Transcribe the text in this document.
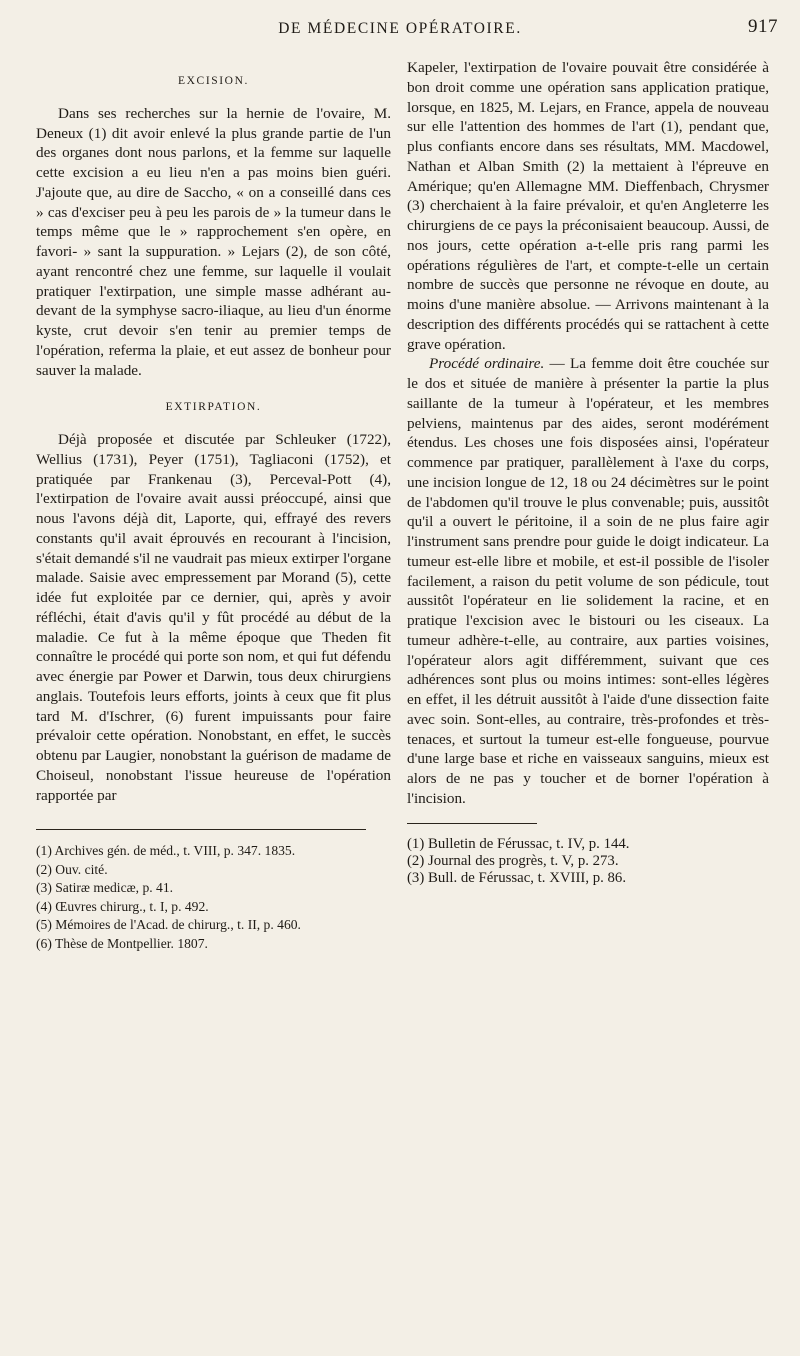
DE MÉDECINE OPÉRATOIRE.	917
EXCISION.

Dans ses recherches sur la hernie de l'ovaire, M. Deneux (1) dit avoir enlevé la plus grande partie de l'un des organes dont nous parlons, et la femme sur laquelle cette excision a eu lieu n'en a pas moins bien guéri. J'ajoute que, au dire de Saccho, « on a conseillé dans ces » cas d'exciser peu à peu les parois de » la tumeur dans le temps même que le » rapprochement s'en opère, en favori- » sant la suppuration. » Lejars (2), de son côté, ayant rencontré chez une femme, sur laquelle il voulait pratiquer l'extirpation, une simple masse adhérant au-devant de la symphyse sacro-iliaque, au lieu d'un énorme kyste, crut devoir s'en tenir au premier temps de l'opération, referma la plaie, et eut assez de bonheur pour sauver la malade.

EXTIRPATION.

Déjà proposée et discutée par Schleuker (1722), Wellius (1731), Peyer (1751), Tagliaconi (1752), et pratiquée par Frankenau (3), Perceval-Pott (4), l'extirpation de l'ovaire avait aussi préoccupé, ainsi que nous l'avons déjà dit, Laporte, qui, effrayé des revers constants qu'il avait éprouvés en recourant à l'incision, s'était demandé s'il ne vaudrait pas mieux extirper l'organe malade. Saisie avec empressement par Morand (5), cette idée fut exploitée par ce dernier, qui, après y avoir réfléchi, était d'avis qu'il y fût procédé au début de la maladie. Ce fut à la même époque que Theden fit connaître le procédé qui porte son nom, et qui fut défendu avec énergie par Power et Darwin, tous deux chirurgiens anglais. Toutefois leurs efforts, joints à ceux que fit plus tard M. d'Ischrer, (6) furent impuissants pour faire prévaloir cette opération. Nonobstant, en effet, le succès obtenu par Laugier, nonobstant la guérison de madame de Choiseul, nonobstant l'issue heureuse de l'opération rapportée par

(1) Archives gén. de méd., t. VIII, p. 347. 1835.
(2) Ouv. cité.
(3) Satiræ medicæ, p. 41.
(4) Œuvres chirurg., t. I, p. 492.
(5) Mémoires de l'Acad. de chirurg., t. II, p. 460.
(6) Thèse de Montpellier. 1807.

Kapeler, l'extirpation de l'ovaire pouvait être considérée à bon droit comme une opération sans application pratique, lorsque, en 1825, M. Lejars, en France, appela de nouveau sur elle l'attention des hommes de l'art (1), pendant que, plus confiants encore dans ses résultats, MM. Macdowel, Nathan et Alban Smith (2) la mettaient à l'épreuve en Amérique; qu'en Allemagne MM. Dieffenbach, Chrysmer (3) cherchaient à la faire prévaloir, et qu'en Angleterre les chirurgiens de ce pays la préconisaient beaucoup. Aussi, de nos jours, cette opération a-t-elle pris rang parmi les opérations régulières de l'art, et compte-t-elle un certain nombre de succès que personne ne révoque en doute, au moins d'une manière absolue. — Arrivons maintenant à la description des différents procédés qui se rattachent à cette grave opération.

Procédé ordinaire. — La femme doit être couchée sur le dos et située de manière à présenter la partie la plus saillante de la tumeur à l'opérateur, et les membres pelviens, maintenus par des aides, seront modérément étendus. Les choses une fois disposées ainsi, l'opérateur commence par pratiquer, parallèlement à l'axe du corps, une incision longue de 12, 18 ou 24 décimètres sur le point de l'abdomen qu'il trouve le plus convenable; puis, aussitôt qu'il a ouvert le péritoine, il a soin de ne plus faire agir l'instrument sans prendre pour guide le doigt indicateur. La tumeur est-elle libre et mobile, et est-il possible de l'isoler facilement, a raison du petit volume de son pédicule, tout aussitôt l'opérateur en lie solidement la racine, et en pratique l'excision avec le bistouri ou les ciseaux. La tumeur adhère-t-elle, au contraire, aux parties voisines, l'opérateur alors agit différemment, suivant que ces adhérences sont plus ou moins intimes: sont-elles légères en effet, il les détruit aussitôt à l'aide d'une dissection faite avec soin. Sont-elles, au contraire, très-profondes et très-tenaces, et surtout la tumeur est-elle fongueuse, pourvue d'une large base et riche en vaisseaux sanguins, mieux est alors de ne pas y toucher et de borner l'opération à l'incision.

(1) Bulletin de Férussac, t. IV, p. 144.
(2) Journal des progrès, t. V, p. 273.
(3) Bull. de Férussac, t. XVIII, p. 86.
